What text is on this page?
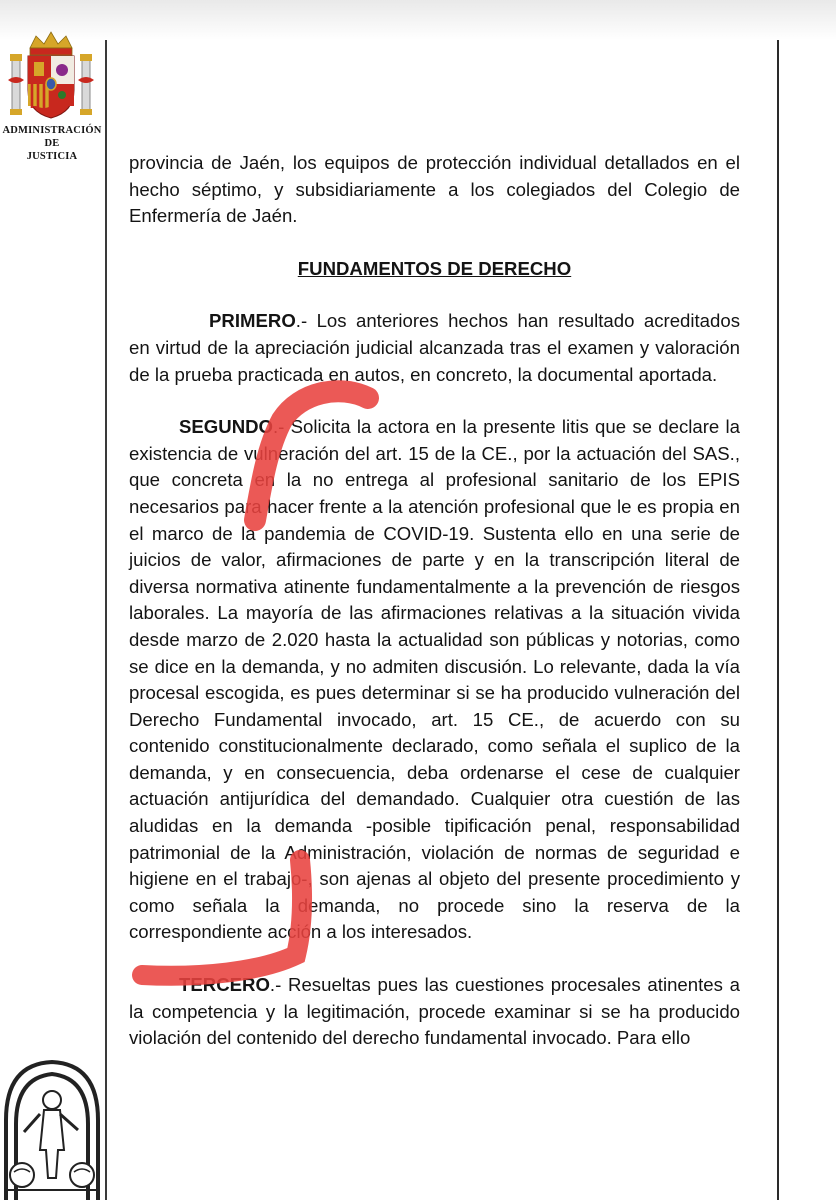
ADMINISTRACIÓN
DE
JUSTICIA	provincia de Jaén, los equipos de protección individual detallados en el hecho séptimo, y subsidiariamente a los colegiados del Colegio de Enfermería de Jaén.

FUNDAMENTOS DE DERECHO

PRIMERO.- Los anteriores hechos han resultado acreditados en virtud de la apreciación judicial alcanzada tras el examen y valoración de la prueba practicada en autos, en concreto, la documental aportada.

SEGUNDO.- Solicita la actora en la presente litis que se declare la existencia de vulneración del art. 15 de la CE., por la actuación del SAS., que concreta en la no entrega al profesional sanitario de los EPIS necesarios para hacer frente a la atención profesional que le es propia en el marco de la pandemia de COVID-19. Sustenta ello en una serie de juicios de valor, afirmaciones de parte y en la transcripción literal de diversa normativa atinente fundamentalmente a la prevención de riesgos laborales. La mayoría de las afirmaciones relativas a la situación vivida desde marzo de 2.020 hasta la actualidad son públicas y notorias, como se dice en la demanda, y no admiten discusión. Lo relevante, dada la vía procesal escogida, es pues determinar si se ha producido vulneración del Derecho Fundamental invocado, art. 15 CE., de acuerdo con su contenido constitucionalmente declarado, como señala el suplico de la demanda, y en consecuencia, deba ordenarse el cese de cualquier actuación antijurídica del demandado. Cualquier otra cuestión de las aludidas en la demanda -posible tipificación penal, responsabilidad patrimonial de la Administración, violación de normas de seguridad e higiene en el trabajo-, son ajenas al objeto del presente procedimiento y como señala la demanda, no procede sino la reserva de la correspondiente acción a los interesados.

TERCERO.- Resueltas pues las cuestiones procesales atinentes a la competencia y la legitimación, procede examinar si se ha producido violación del contenido del derecho fundamental invocado. Para ello
